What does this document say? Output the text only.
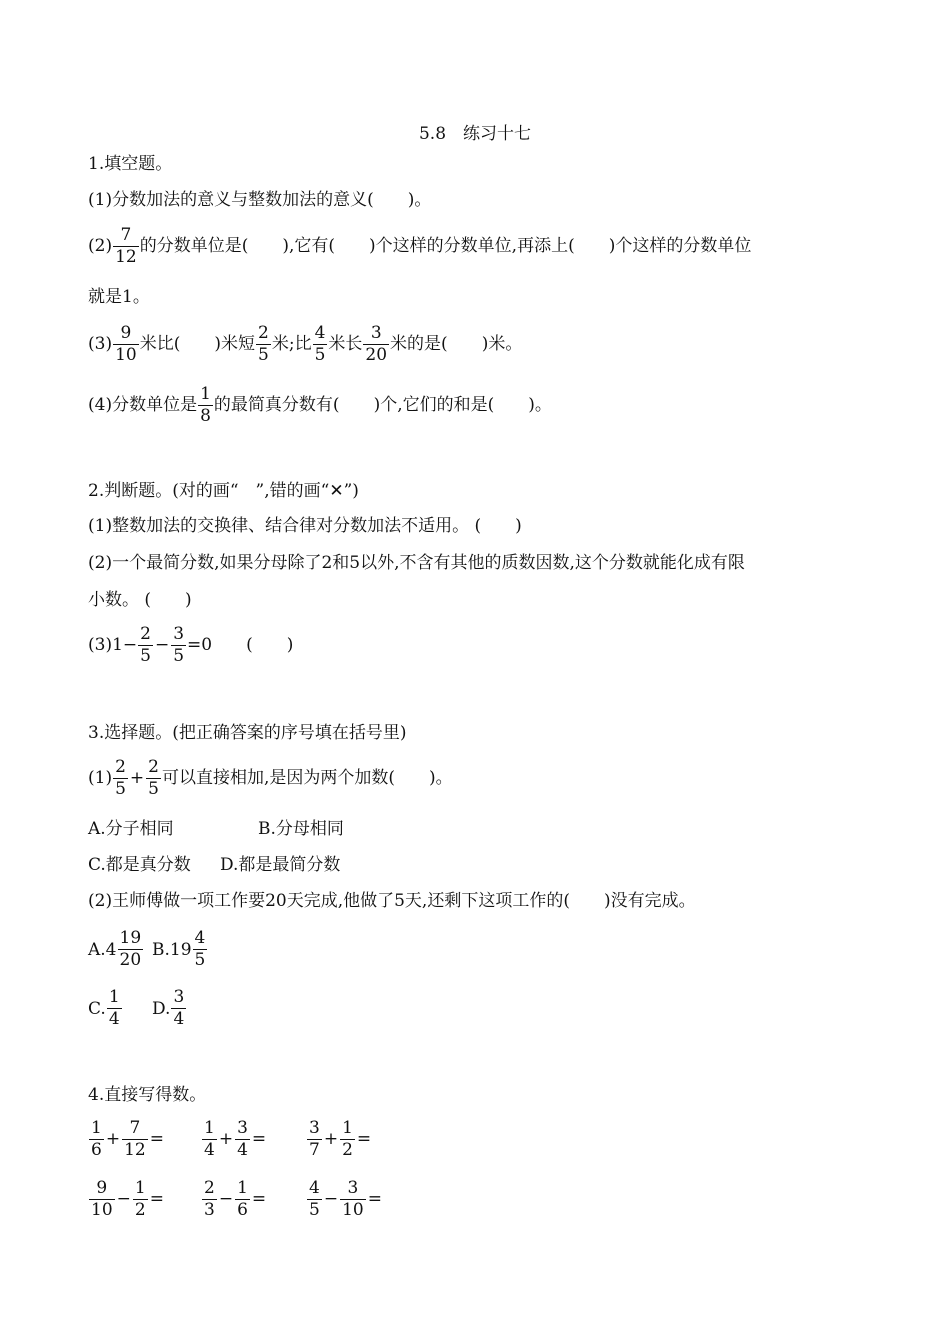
5.8　练习十七
1.填空题。
(1)分数加法的意义与整数加法的意义(　　)。
$(2) \frac{7}{12}$ 的分数单位是( ),它有( )个这样的分数单位,再添上( )个这样的分数单位
就是1。
$(3) \frac{9}{10}$ 米比( )米短 $\frac{2}{5}$ 米;比 $\frac{4}{5}$ 米长 $\frac{3}{20}$ 米的是( )米。
(4)分数单位是 $\frac{1}{8}$ 的最简真分数有( )个,它们的和是( )。
2.判断题。(对的画“　”,错的画“✕”)
(1)整数加法的交换律、结合律对分数加法不适用。 (　　)
(2)一个最简分数,如果分母除了2和5以外,不含有其他的质数因数,这个分数就能化成有限
小数。 (　　)
$(3)1- \frac{2}{5} - \frac{3}{5} =0$　　(　　)
3.选择题。(把正确答案的序号填在括号里)
$(1) \frac{2}{5} + \frac{2}{5}$ 可以直接相加,是因为两个加数(　　)。
A.分子相同	B.分母相同
C.都是真分数 D.都是最简分数
(2)王师傅做一项工作要20天完成,他做了5天,还剩下这项工作的(　　)没有完成。
$A.4 \frac{19}{20} B.19 \frac{4}{5}$
C. $\frac{1}{4} D$. $\frac{3}{4}$
4.直接写得数。
$\frac{1}{6} + \frac{7}{12} = \frac{1}{4} + \frac{3}{4} = \frac{3}{7} + \frac{1}{2}$ =
$\frac{9}{10} - \frac{1}{2} = \frac{2}{3} - \frac{1}{6} = \frac{4}{5} - \frac{3}{10}$ =
